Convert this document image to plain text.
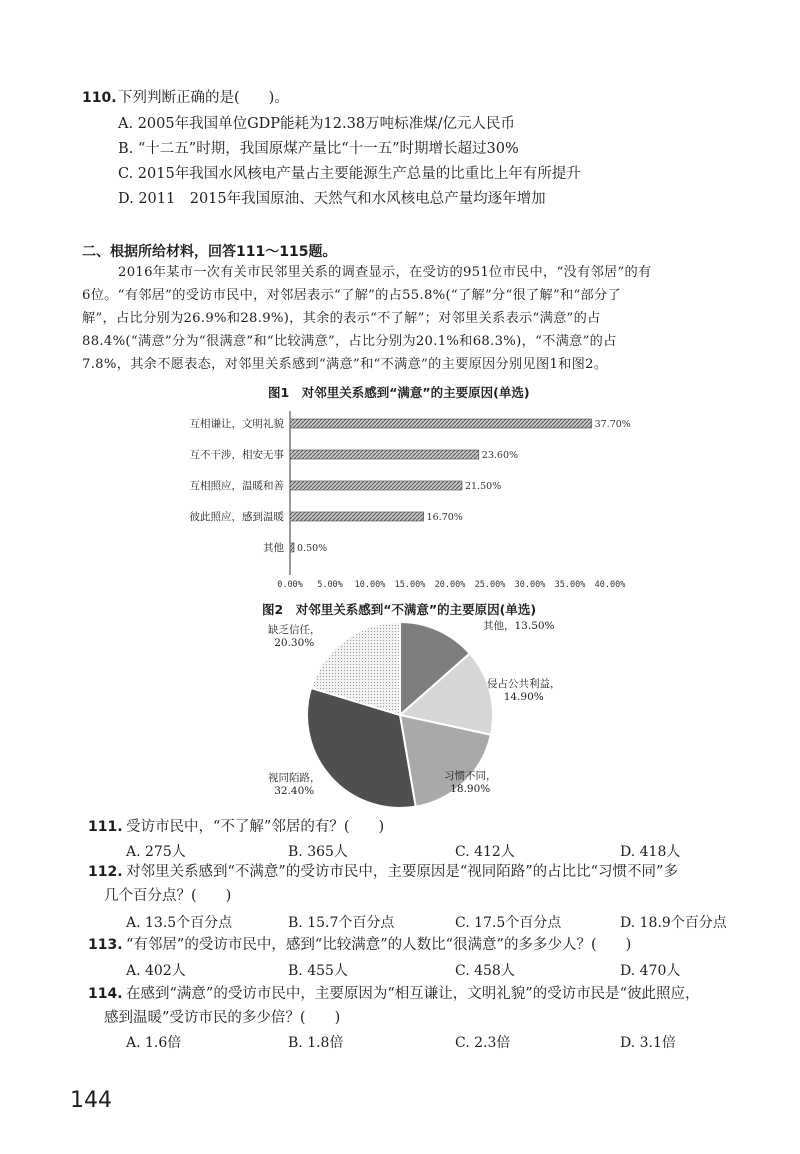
110. 下列判断正确的是(　　)。
A. 2005年我国单位GDP能耗为12.38万吨标准煤/亿元人民币
B. “十二五”时期，我国原煤产量比“十一五”时期增长超过30%
C. 2015年我国水风核电产量占主要能源生产总量的比重比上年有所提升
D. 2011　2015年我国原油、天然气和水风核电总产量均逐年增加
二、根据所给材料，回答111～115题。
2016年某市一次有关市民邻里关系的调查显示，在受访的951位市民中，“没有邻居”的有
6位。“有邻居”的受访市民中，对邻居表示“了解”的占55.8%(“了解”分“很了解”和“部分了
解”，占比分别为26.9%和28.9%)，其余的表示“不了解”；对邻里关系表示“满意”的占
88.4%(“满意”分为“很满意”和“比较满意”，占比分别为20.1%和68.3%)，“不满意”的占
7.8%，其余不愿表态，对邻里关系感到“满意”和“不满意”的主要原因分别见图1和图2。
图1　对邻里关系感到“满意”的主要原因(单选)
37.70%
23.60%
21.50%
16.70%
0.50%
0.00% 5.00% 10.00% 15.00% 20.00% 25.00% 30.00% 35.00% 40.00%
互相谦让，文明礼貌
互不干涉，相安无事
互相照应，温暖和善
彼此照应，感到温暖
其他
图2　对邻里关系感到“不满意”的主要原因(单选)
其他，13.50%
侵占公共利益，
14.90%
习惯不同，
18.90%
视同陌路，
32.40%
缺乏信任，
20.30%
111. 受访市民中，“不了解”邻居的有？(　　)
A. 275人	B. 365人	C. 412人	D. 418人
112. 对邻里关系感到“不满意”的受访市民中，主要原因是“视同陌路”的占比比“习惯不同”多
几个百分点？(　　)
A. 13.5个百分点	B. 15.7个百分点	C. 17.5个百分点	D. 18.9个百分点
113. “有邻居”的受访市民中，感到“比较满意”的人数比“很满意”的多多少人？(　　)
A. 402人	B. 455人	C. 458人	D. 470人
114. 在感到“满意”的受访市民中，主要原因为“相互谦让，文明礼貌”的受访市民是“彼此照应，
感到温暖”受访市民的多少倍？(　　)
A. 1.6倍	B. 1.8倍	C. 2.3倍	D. 3.1倍
144
